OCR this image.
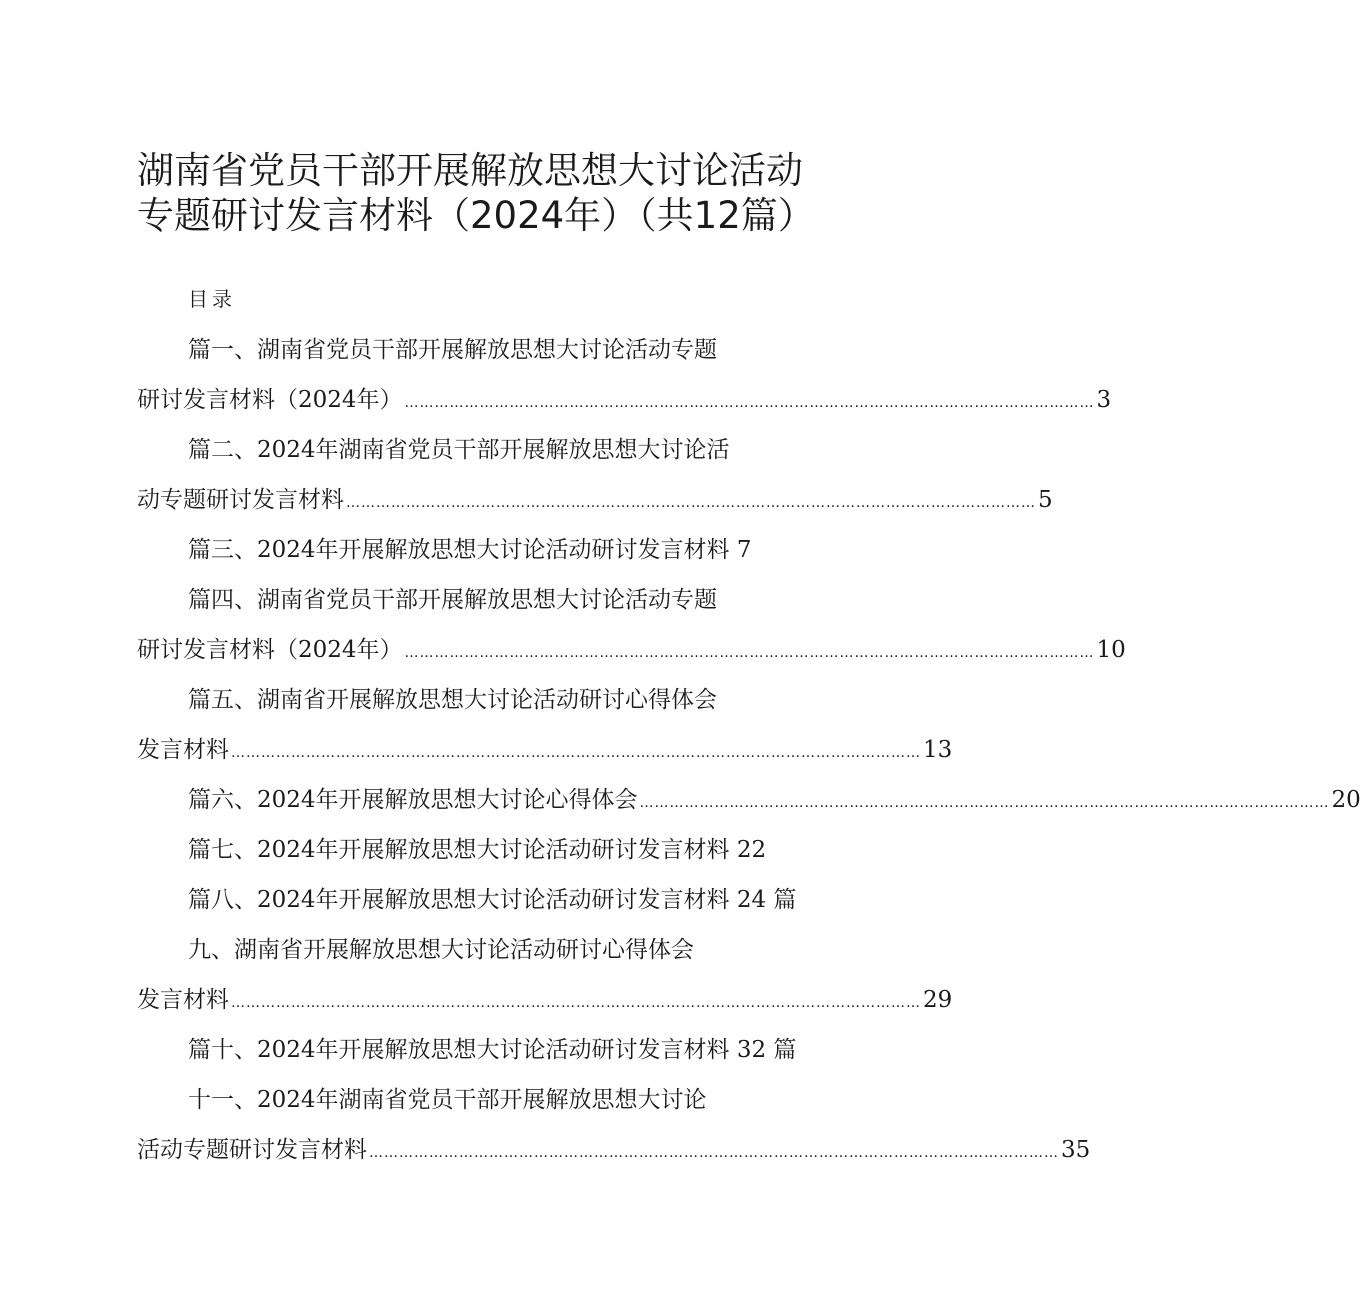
湖南省党员干部开展解放思想大讨论活动
专题研讨发言材料（2024年）（共12篇）
目录
篇一、湖南省党员干部开展解放思想大讨论活动专题
研讨发言材料（2024年） ………………………………………………………………………………………………………………………… 3
篇二、2024年湖南省党员干部开展解放思想大讨论活
动专题研讨发言材料 ………………………………………………………………………………………………………………………… 5
篇三、2024年开展解放思想大讨论活动研讨发言材料 7
篇四、湖南省党员干部开展解放思想大讨论活动专题
研讨发言材料（2024年） ………………………………………………………………………………………………………………………… 10
篇五、湖南省开展解放思想大讨论活动研讨心得体会
发言材料 ………………………………………………………………………………………………………………………… 13
篇六、2024年开展解放思想大讨论心得体会 ………………………………………………………………………………………………………………………… 20
篇七、2024年开展解放思想大讨论活动研讨发言材料 22
篇八、2024年开展解放思想大讨论活动研讨发言材料 24 篇
九、湖南省开展解放思想大讨论活动研讨心得体会
发言材料 ………………………………………………………………………………………………………………………… 29
篇十、2024年开展解放思想大讨论活动研讨发言材料 32 篇
十一、2024年湖南省党员干部开展解放思想大讨论
活动专题研讨发言材料 ………………………………………………………………………………………………………………………… 35
